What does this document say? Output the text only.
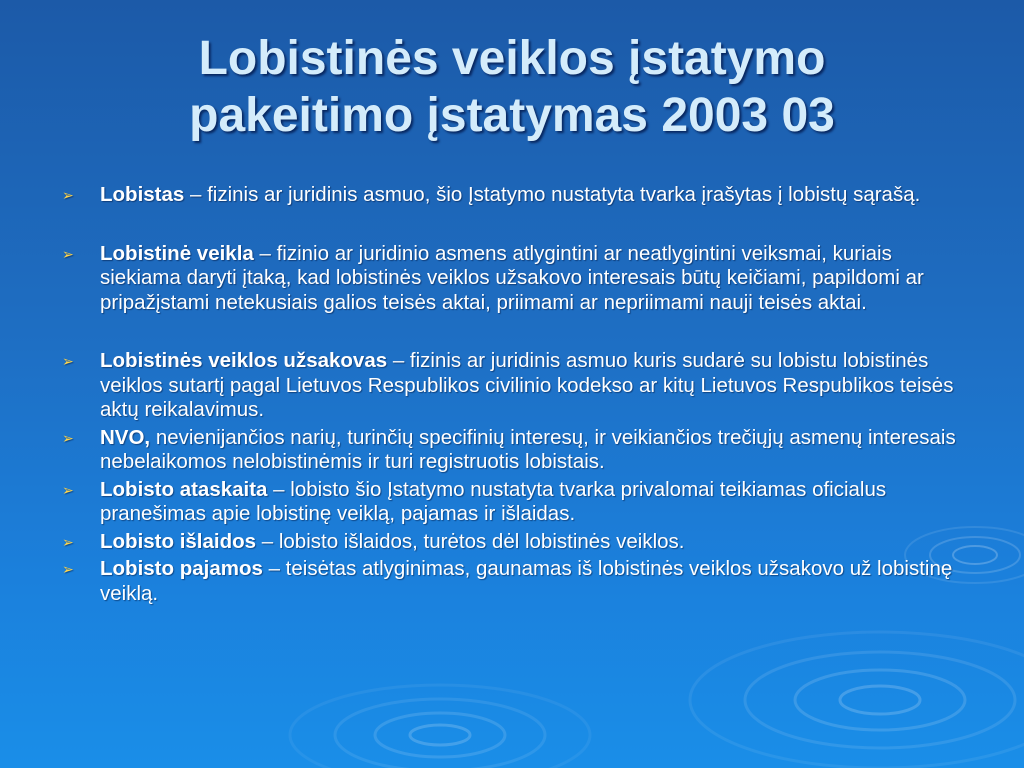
Lobistinės veiklos įstatymo
pakeitimo įstatymas 2003 03
➢ Lobistas – fizinis ar juridinis asmuo, šio Įstatymo nustatyta tvarka įrašytas į lobistų sąrašą.
➢ Lobistinė veikla – fizinio ar juridinio asmens atlygintini ar neatlygintini veiksmai, kuriais siekiama daryti įtaką, kad lobistinės veiklos užsakovo interesais būtų keičiami, papildomi ar pripažįstami netekusiais galios teisės aktai, priimami ar nepriimami nauji teisės aktai.
➢ Lobistinės veiklos užsakovas – fizinis ar juridinis asmuo kuris sudarė su lobistu lobistinės veiklos sutartį pagal Lietuvos Respublikos civilinio kodekso ar kitų Lietuvos Respublikos teisės aktų reikalavimus.
➢ NVO, nevienijančios narių, turinčių specifinių interesų, ir veikiančios trečiųjų asmenų interesais nebelaikomos nelobistinėmis ir turi registruotis lobistais.
➢ Lobisto ataskaita – lobisto šio Įstatymo nustatyta tvarka privalomai teikiamas oficialus pranešimas apie lobistinę veiklą, pajamas ir išlaidas.
➢ Lobisto išlaidos – lobisto išlaidos, turėtos dėl lobistinės veiklos.
➢ Lobisto pajamos – teisėtas atlyginimas, gaunamas iš lobistinės veiklos užsakovo už lobistinę veiklą.
